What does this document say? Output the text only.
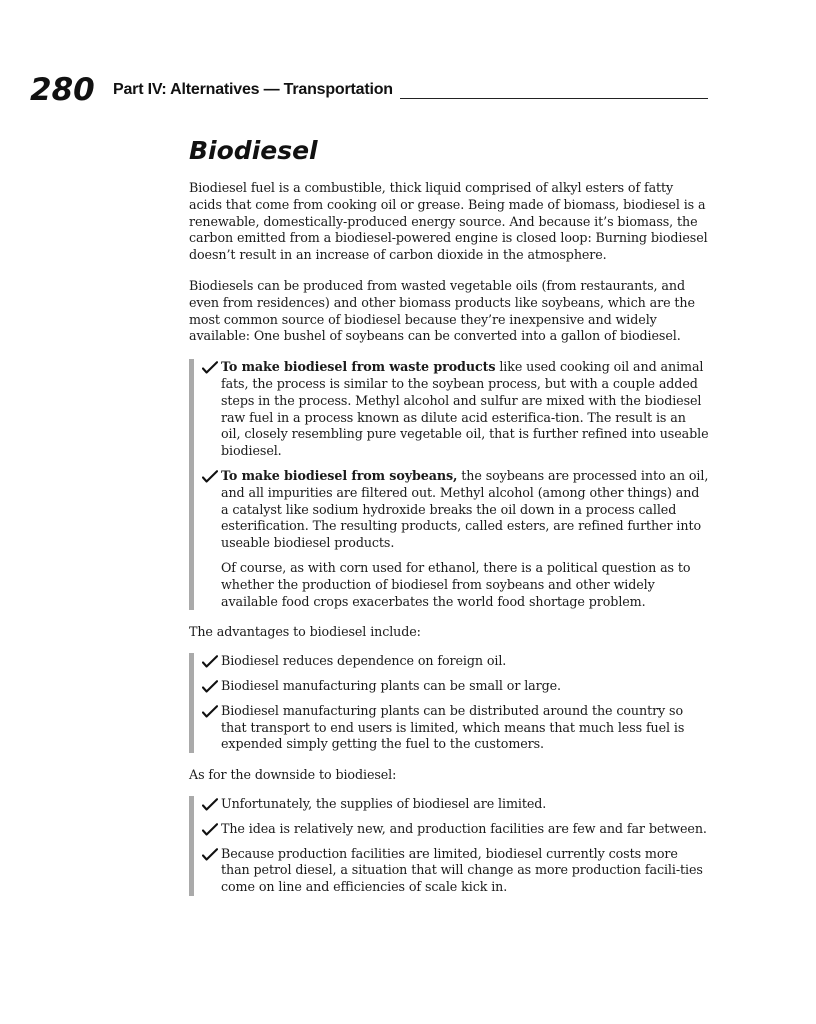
280 Part IV: Alternatives — Transportation
Biodiesel

Biodiesel fuel is a combustible, thick liquid comprised of alkyl esters of fatty acids that come from cooking oil or grease. Being made of biomass, biodiesel is a renewable, domestically-produced energy source. And because it’s biomass, the carbon emitted from a biodiesel-powered engine is closed loop: Burning biodiesel doesn’t result in an increase of carbon dioxide in the atmosphere.

Biodiesels can be produced from wasted vegetable oils (from restaurants, and even from residences) and other biomass products like soybeans, which are the most common source of biodiesel because they’re inexpensive and widely available: One bushel of soybeans can be converted into a gallon of biodiesel.

To make biodiesel from waste products like used cooking oil and animal fats, the process is similar to the soybean process, but with a couple added steps in the process. Methyl alcohol and sulfur are mixed with the biodiesel raw fuel in a process known as dilute acid esterifica-tion. The result is an oil, closely resembling pure vegetable oil, that is further refined into useable biodiesel.

To make biodiesel from soybeans, the soybeans are processed into an oil, and all impurities are filtered out. Methyl alcohol (among other things) and a catalyst like sodium hydroxide breaks the oil down in a process called esterification. The resulting products, called esters, are refined further into useable biodiesel products.

Of course, as with corn used for ethanol, there is a political question as to whether the production of biodiesel from soybeans and other widely available food crops exacerbates the world food shortage problem.

The advantages to biodiesel include:

Biodiesel reduces dependence on foreign oil.

Biodiesel manufacturing plants can be small or large.

Biodiesel manufacturing plants can be distributed around the country so that transport to end users is limited, which means that much less fuel is expended simply getting the fuel to the customers.

As for the downside to biodiesel:

Unfortunately, the supplies of biodiesel are limited.

The idea is relatively new, and production facilities are few and far between.

Because production facilities are limited, biodiesel currently costs more than petrol diesel, a situation that will change as more production facili-ties come on line and efficiencies of scale kick in.
